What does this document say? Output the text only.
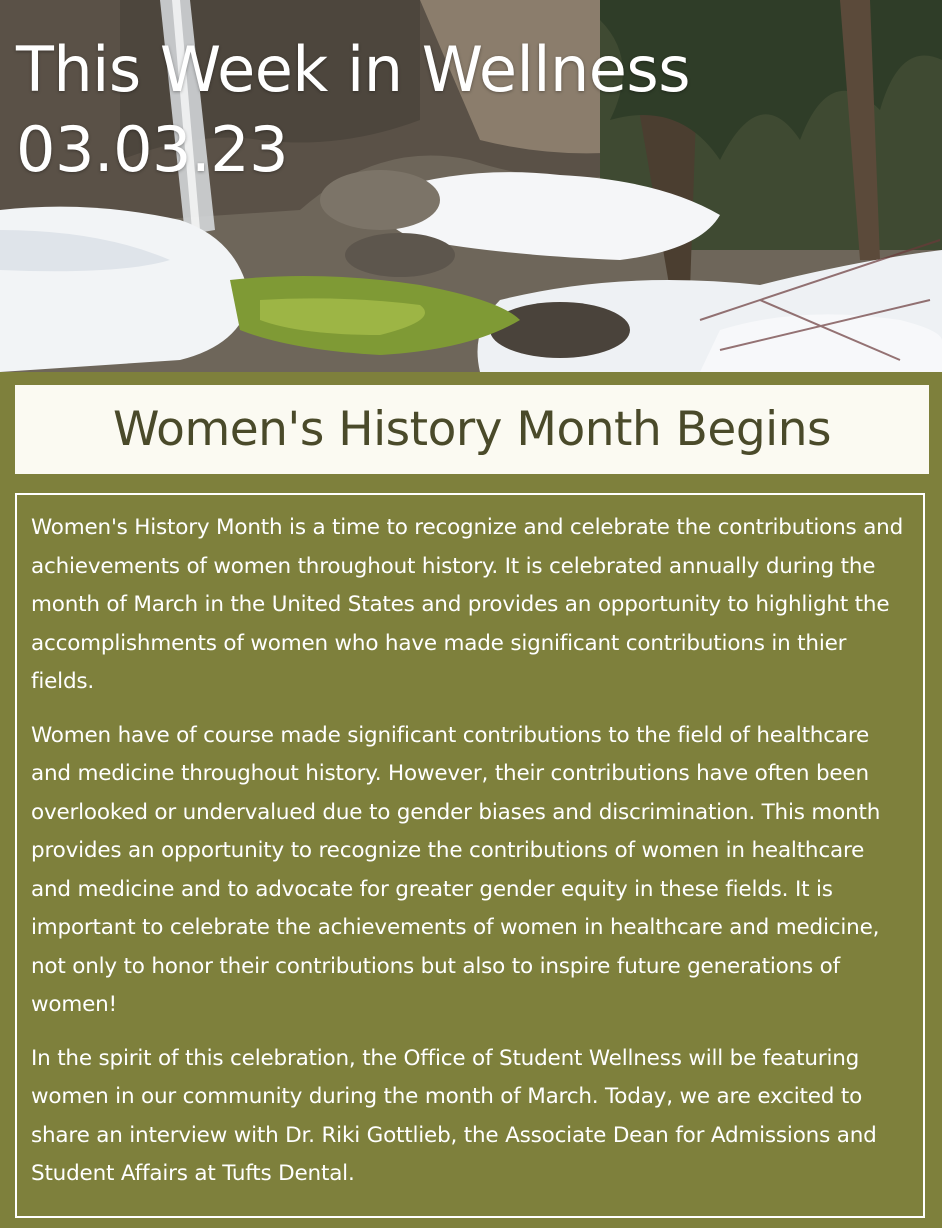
This Week in Wellness
03.03.23
Women's History Month Begins

Women's History Month is a time to recognize and celebrate the contributions and achievements of women throughout history. It is celebrated annually during the month of March in the United States and provides an opportunity to highlight the accomplishments of women who have made significant contributions in thier fields.

Women have of course made significant contributions to the field of healthcare and medicine throughout history. However, their contributions have often been overlooked or undervalued due to gender biases and discrimination. This month provides an opportunity to recognize the contributions of women in healthcare and medicine and to advocate for greater gender equity in these fields. It is important to celebrate the achievements of women in healthcare and medicine, not only to honor their contributions but also to inspire future generations of women!

In the spirit of this celebration, the Office of Student Wellness will be featuring women in our community during the month of March. Today, we are excited to share an interview with Dr. Riki Gottlieb, the Associate Dean for Admissions and Student Affairs at Tufts Dental.
